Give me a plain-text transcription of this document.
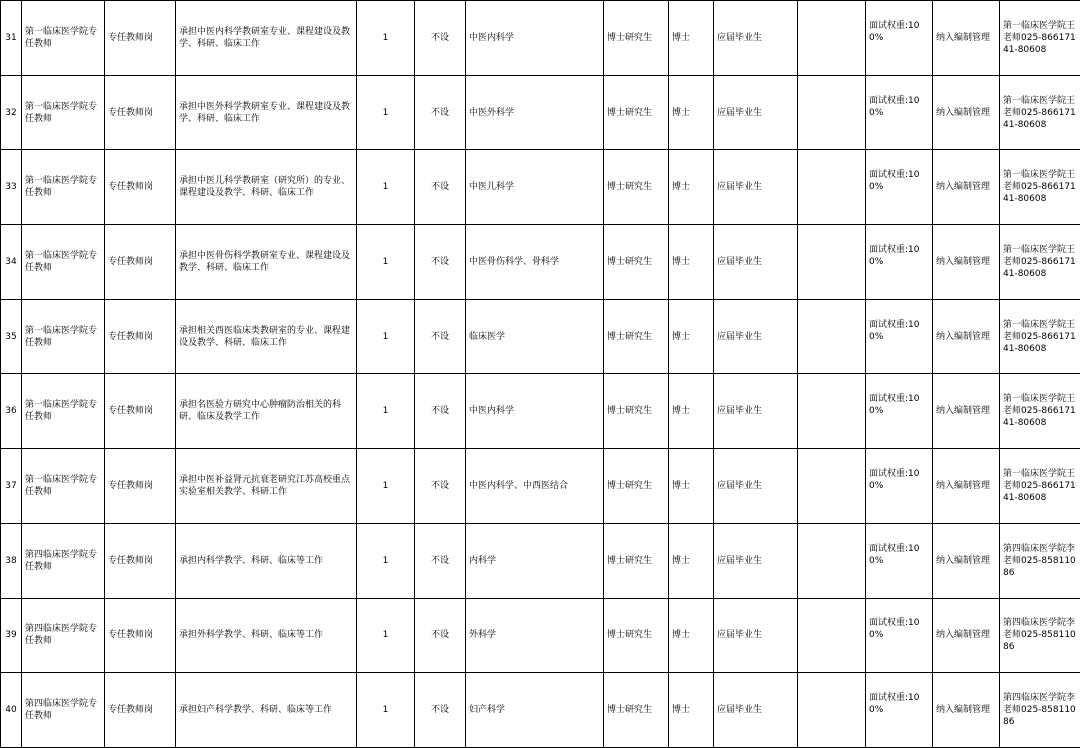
31	第一临床医学院专任教师	专任教师岗	承担中医内科学教研室专业、课程建设及教学、科研、临床工作	1	不设	中医内科学	博士研究生	博士	应届毕业生		面试权重:100%	纳入编制管理	第一临床医学院王老师025-86617141-80608
32	第一临床医学院专任教师	专任教师岗	承担中医外科学教研室专业、课程建设及教学、科研、临床工作	1	不设	中医外科学	博士研究生	博士	应届毕业生		面试权重:100%	纳入编制管理	第一临床医学院王老师025-86617141-80608
33	第一临床医学院专任教师	专任教师岗	承担中医儿科学教研室（研究所）的专业、课程建设及教学、科研、临床工作	1	不设	中医儿科学	博士研究生	博士	应届毕业生		面试权重:100%	纳入编制管理	第一临床医学院王老师025-86617141-80608
34	第一临床医学院专任教师	专任教师岗	承担中医骨伤科学教研室专业、课程建设及教学、科研、临床工作	1	不设	中医骨伤科学、骨科学	博士研究生	博士	应届毕业生		面试权重:100%	纳入编制管理	第一临床医学院王老师025-86617141-80608
35	第一临床医学院专任教师	专任教师岗	承担相关西医临床类教研室的专业、课程建设及教学、科研、临床工作	1	不设	临床医学	博士研究生	博士	应届毕业生		面试权重:100%	纳入编制管理	第一临床医学院王老师025-86617141-80608
36	第一临床医学院专任教师	专任教师岗	承担名医验方研究中心肿瘤防治相关的科研、临床及教学工作	1	不设	中医内科学	博士研究生	博士	应届毕业生		面试权重:100%	纳入编制管理	第一临床医学院王老师025-86617141-80608
37	第一临床医学院专任教师	专任教师岗	承担中医补益肾元抗衰老研究江苏高校重点实验室相关教学、科研工作	1	不设	中医内科学、中西医结合	博士研究生	博士	应届毕业生		面试权重:100%	纳入编制管理	第一临床医学院王老师025-86617141-80608
38	第四临床医学院专任教师	专任教师岗	承担内科学教学、科研、临床等工作	1	不设	内科学	博士研究生	博士	应届毕业生		面试权重:100%	纳入编制管理	第四临床医学院李老师025-85811086
39	第四临床医学院专任教师	专任教师岗	承担外科学教学、科研、临床等工作	1	不设	外科学	博士研究生	博士	应届毕业生		面试权重:100%	纳入编制管理	第四临床医学院李老师025-85811086
40	第四临床医学院专任教师	专任教师岗	承担妇产科学教学、科研、临床等工作	1	不设	妇产科学	博士研究生	博士	应届毕业生		面试权重:100%	纳入编制管理	第四临床医学院李老师025-85811086
